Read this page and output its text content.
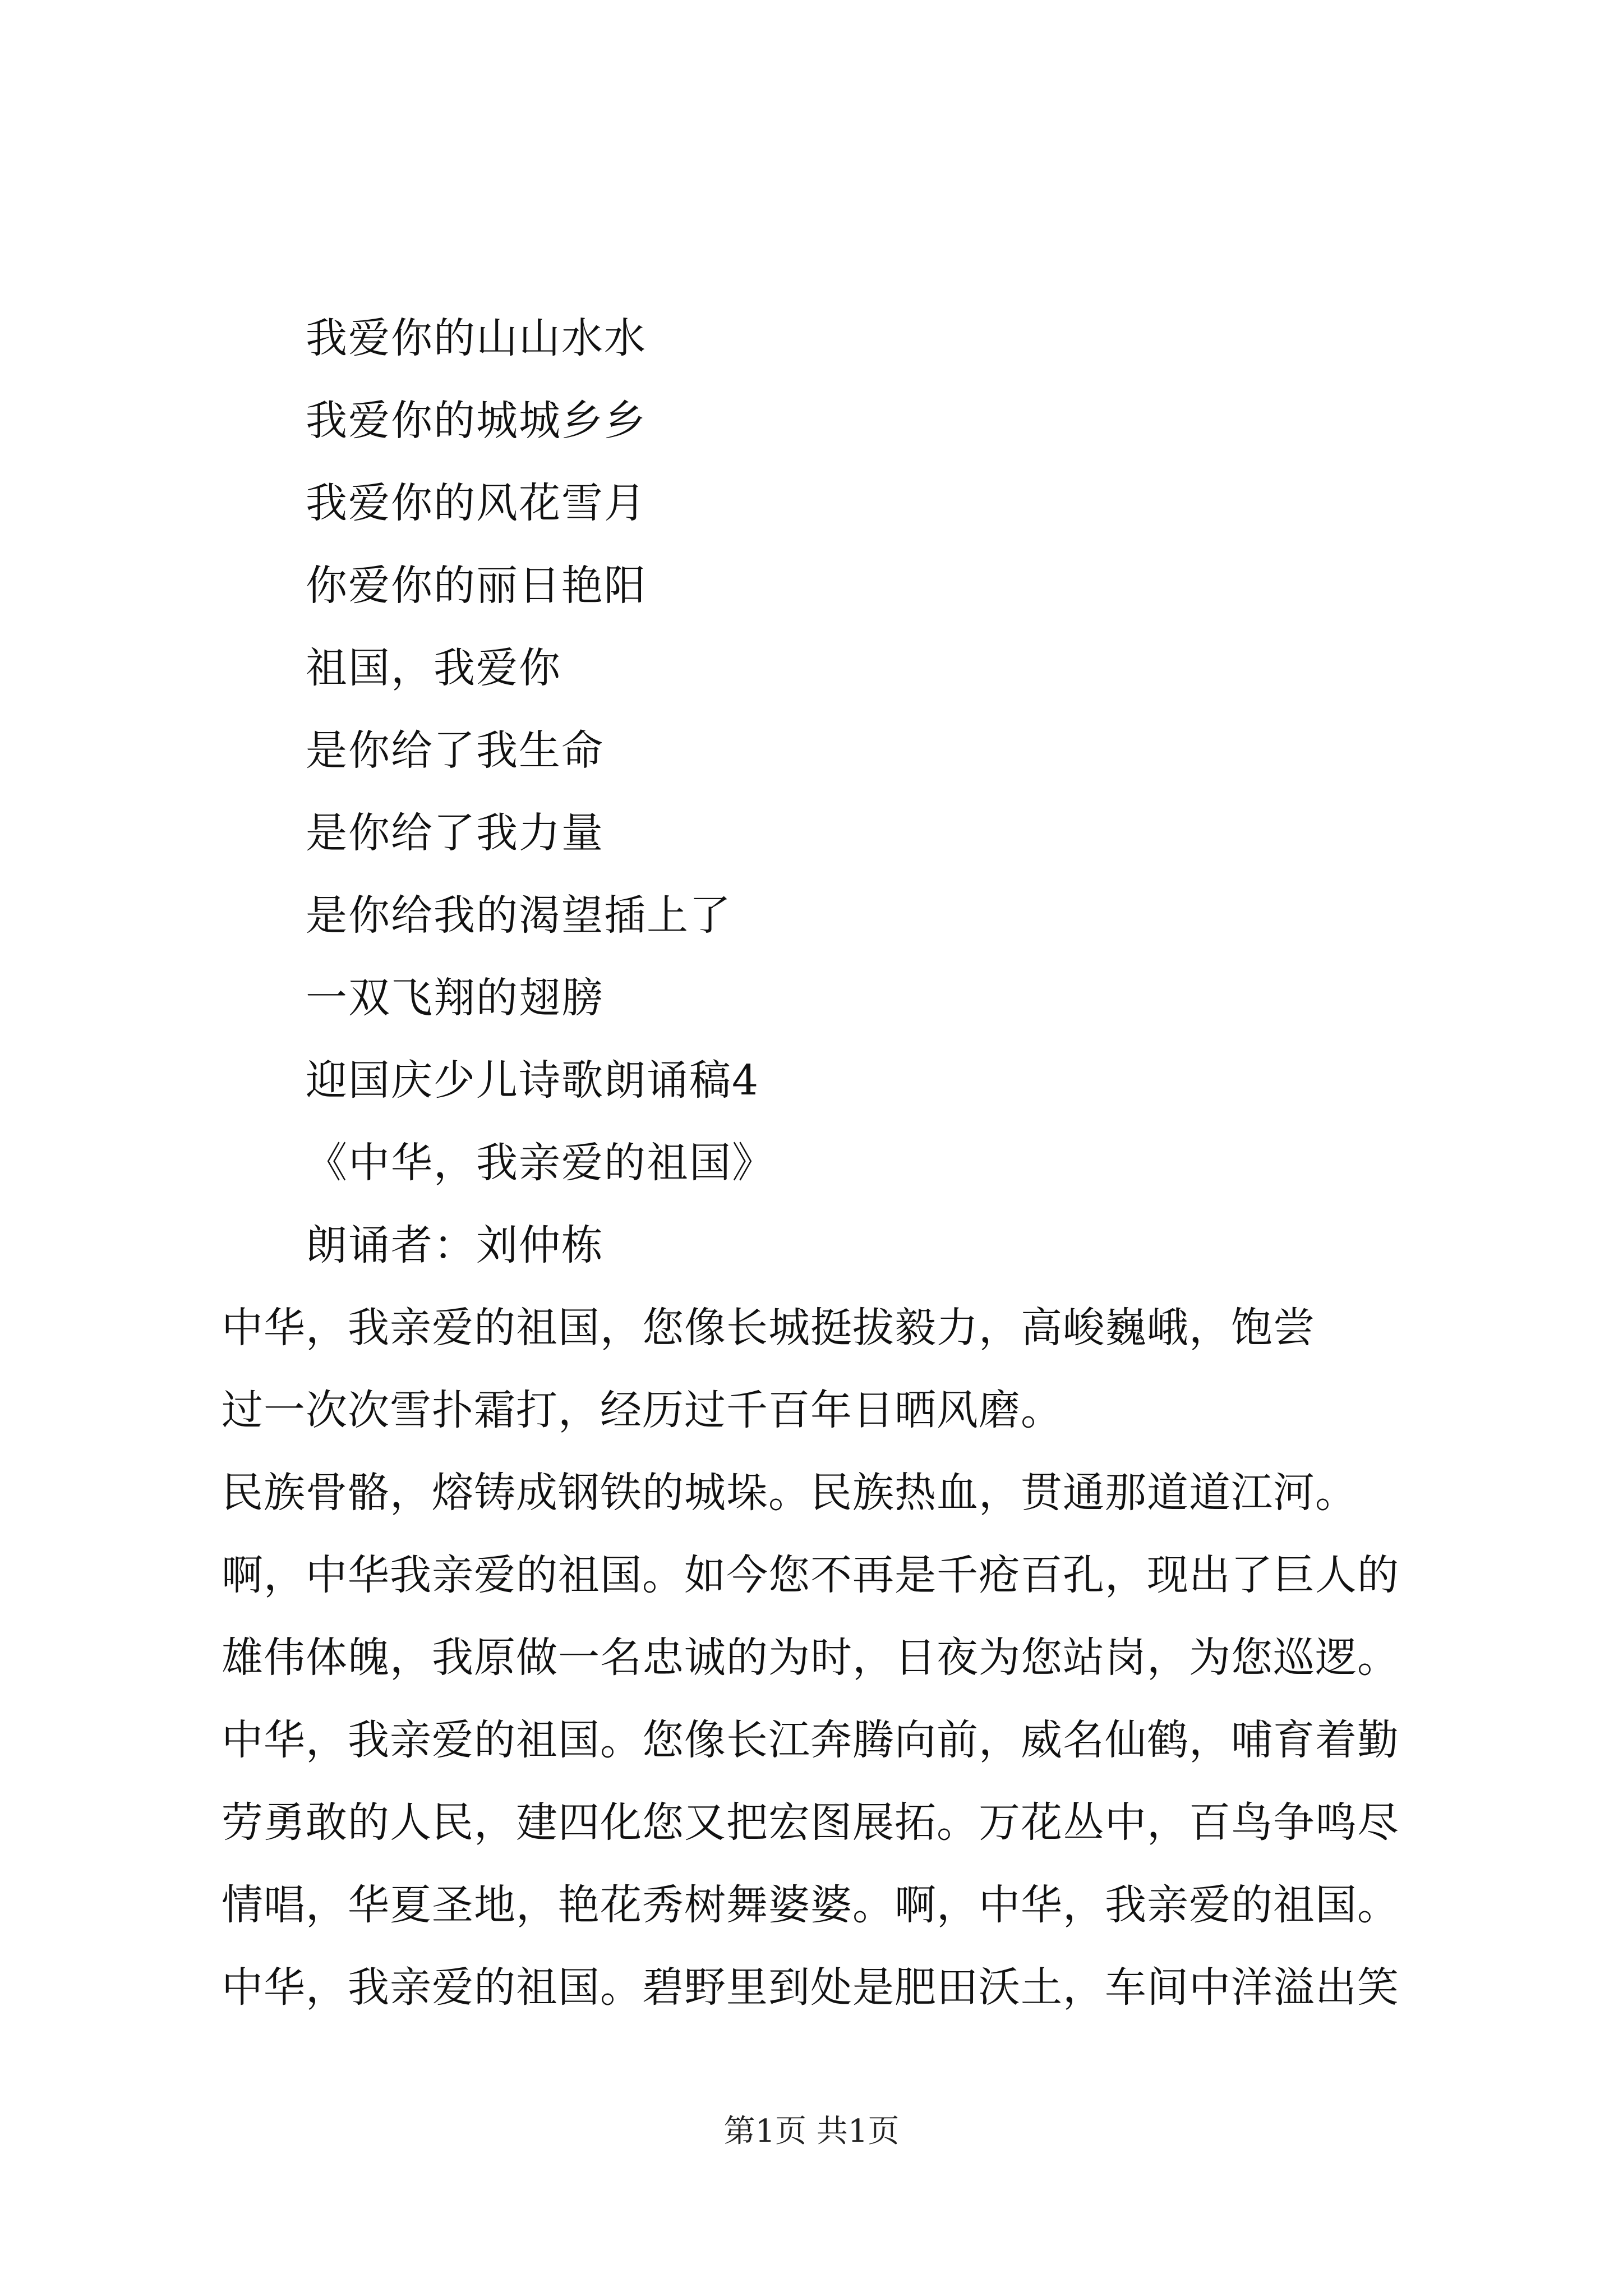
我爱你的山山水水

我爱你的城城乡乡

我爱你的风花雪月

你爱你的丽日艳阳

祖国，我爱你

是你给了我生命

是你给了我力量

是你给我的渴望插上了

一双飞翔的翅膀

迎国庆少儿诗歌朗诵稿4

《中华，我亲爱的祖国》

朗诵者：刘仲栋

中华，我亲爱的祖国，您像长城挺拔毅力，高峻巍峨，饱尝
过一次次雪扑霜打，经历过千百年日晒风磨。
民族骨骼，熔铸成钢铁的城垛。民族热血，贯通那道道江河。
啊，中华我亲爱的祖国。如今您不再是千疮百孔，现出了巨人的
雄伟体魄，我原做一名忠诚的为时，日夜为您站岗，为您巡逻。
中华，我亲爱的祖国。您像长江奔腾向前，威名仙鹤，哺育着勤
劳勇敢的人民，建四化您又把宏图展拓。万花丛中，百鸟争鸣尽
情唱，华夏圣地，艳花秀树舞婆婆。啊，中华，我亲爱的祖国。
中华，我亲爱的祖国。碧野里到处是肥田沃土，车间中洋溢出笑
第1页 共1页
